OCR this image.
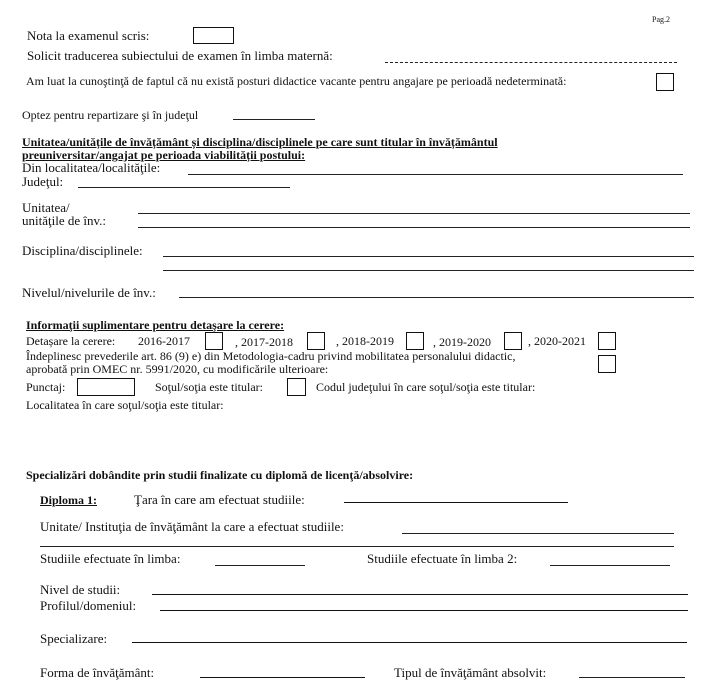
Pag.2
Nota la examenul scris:
Solicit traducerea subiectului de examen în limba maternă:
Am luat la cunoştinţă de faptul că nu există posturi didactice vacante pentru angajare pe perioadă nedeterminată:
Optez pentru repartizare şi în judeţul
Unitatea/unitățile de învățământ și disciplina/disciplinele pe care sunt titular în învățământul
preuniversitar/angajat pe perioada viabilității postului:
Din localitatea/localităţile:
Judeţul:
Unitatea/
unităţile de înv.:
Disciplina/disciplinele:
Nivelul/nivelurile de înv.:
Informaţii suplimentare pentru detaşare la cerere:
Detașare la cerere: 2016-2017	, 2017-2018	, 2018-2019	, 2019-2020	, 2020-2021
Îndeplinesc prevederile art. 86 (9) e) din Metodologia-cadru privind mobilitatea personalului didactic,
aprobată prin OMEC nr. 5991/2020, cu modificările ulterioare:
Punctaj:	Soţul/soţia este titular:	Codul judeţului în care soţul/soţia este titular:
Localitatea în care soţul/soţia este titular:
Specializări dobândite prin studii finalizate cu diplomă de licenţă/absolvire:
Diploma 1:	Ţara în care am efectuat studiile:
Unitate/ Instituţia de învăţământ la care a efectuat studiile:
Studiile efectuate în limba:	Studiile efectuate în limba 2:
Nivel de studii:
Profilul/domeniul:
Specializare:
Forma de învăţământ:	Tipul de învăţământ absolvit:
